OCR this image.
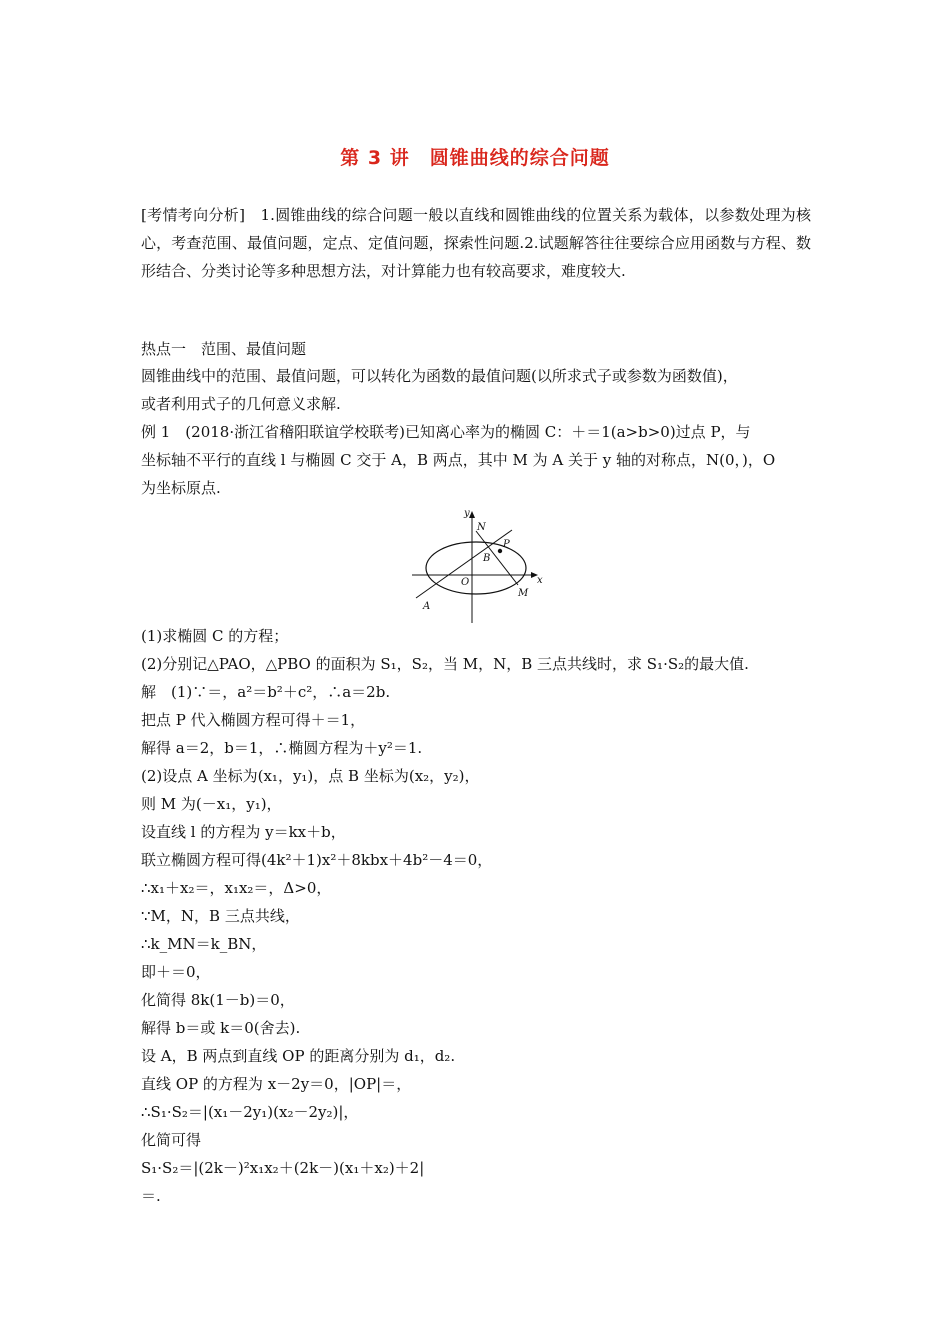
第 3 讲　圆锥曲线的综合问题
[考情考向分析]　1.圆锥曲线的综合问题一般以直线和圆锥曲线的位置关系为载体，以参数处理为核心，考查范围、最值问题，定点、定值问题，探索性问题.2.试题解答往往要综合应用函数与方程、数形结合、分类讨论等多种思想方法，对计算能力也有较高要求，难度较大.
热点一　范围、最值问题
圆锥曲线中的范围、最值问题，可以转化为函数的最值问题(以所求式子或参数为函数值)，
或者利用式子的几何意义求解.
例 1　(2018·浙江省稽阳联谊学校联考)已知离心率为的椭圆 C：＋＝1(a>b>0)过点 P，与
坐标轴不平行的直线 l 与椭圆 C 交于 A，B 两点，其中 M 为 A 关于 y 轴的对称点，N(0，)，O
为坐标原点.
y
x
N
P
B
O
A
M
(1)求椭圆 C 的方程；
(2)分别记△PAO，△PBO 的面积为 S₁，S₂，当 M，N，B 三点共线时，求 S₁·S₂的最大值.
解　(1)∵＝，a²＝b²＋c²，∴a＝2b.
把点 P 代入椭圆方程可得＋＝1，
解得 a＝2，b＝1，∴椭圆方程为＋y²＝1.
(2)设点 A 坐标为(x₁，y₁)，点 B 坐标为(x₂，y₂)，
则 M 为(－x₁，y₁)，
设直线 l 的方程为 y＝kx＋b，
联立椭圆方程可得(4k²＋1)x²＋8kbx＋4b²－4＝0，
∴x₁＋x₂＝，x₁x₂＝，Δ>0，
∵M，N，B 三点共线，
∴k_MN＝k_BN，
即＋＝0，
化简得 8k(1－b)＝0，
解得 b＝或 k＝0(舍去).
设 A，B 两点到直线 OP 的距离分别为 d₁，d₂.
直线 OP 的方程为 x－2y＝0，|OP|＝，
∴S₁·S₂＝|(x₁－2y₁)(x₂－2y₂)|，
化简可得
S₁·S₂＝|(2k－)²x₁x₂＋(2k－)(x₁＋x₂)＋2|
＝.
